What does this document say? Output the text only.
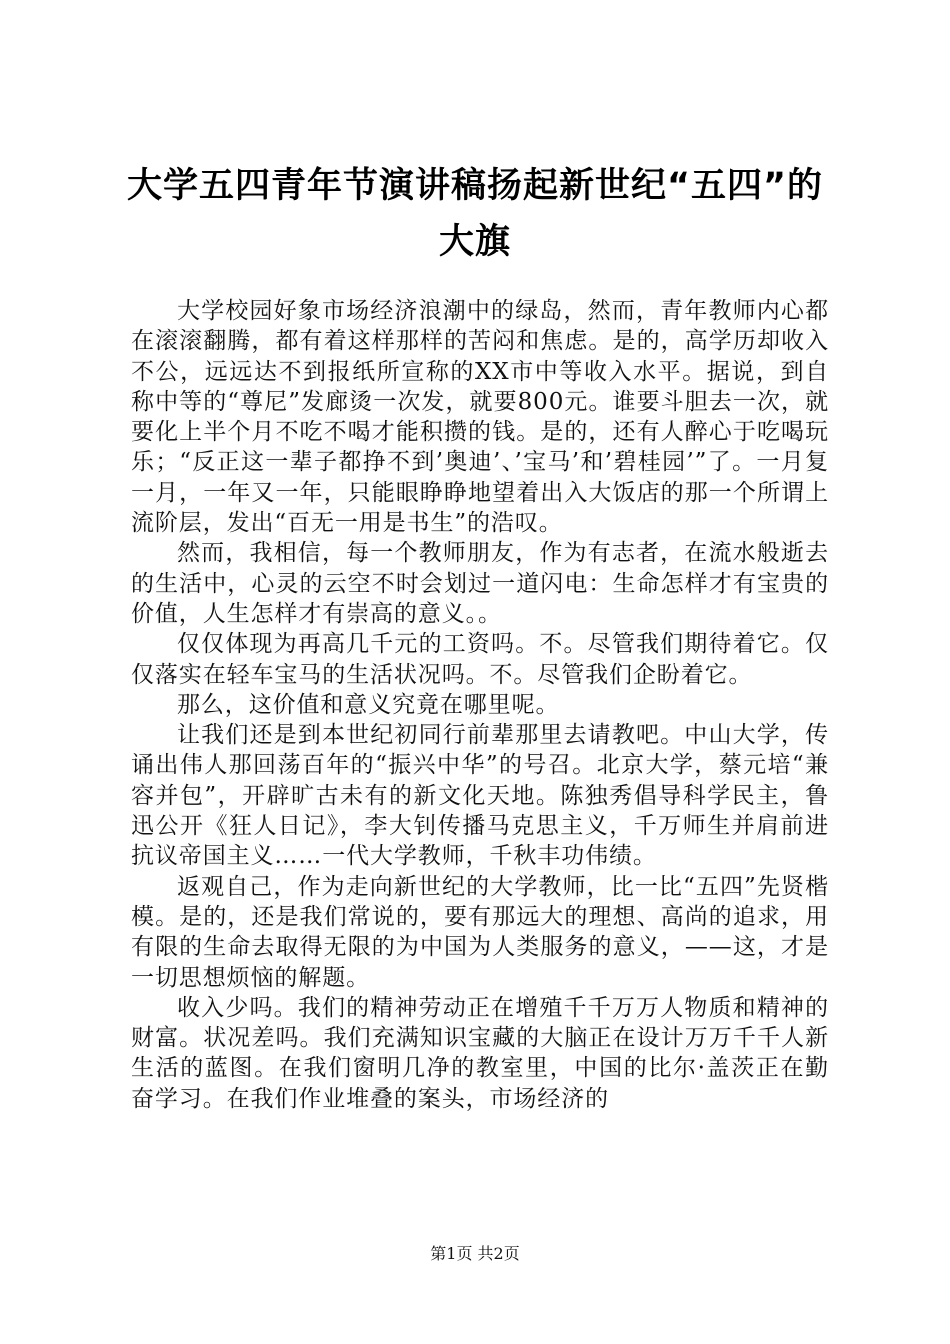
大学五四青年节演讲稿扬起新世纪“五四”的大旗

大学校园好象市场经济浪潮中的绿岛，然而，青年教师内心都在滚滚翻腾，都有着这样那样的苦闷和焦虑。是的，高学历却收入不公，远远达不到报纸所宣称的XX市中等收入水平。据说，到自称中等的“尊尼”发廊烫一次发，就要800元。谁要斗胆去一次，就要化上半个月不吃不喝才能积攒的钱。是的，还有人醉心于吃喝玩乐；“反正这一辈子都挣不到’奥迪’、’宝马’和’碧桂园’”了。一月复一月，一年又一年，只能眼睁睁地望着出入大饭店的那一个所谓上流阶层，发出“百无一用是书生”的浩叹。

然而，我相信，每一个教师朋友，作为有志者，在流水般逝去的生活中，心灵的云空不时会划过一道闪电：生命怎样才有宝贵的价值，人生怎样才有崇高的意义。。

仅仅体现为再高几千元的工资吗。不。尽管我们期待着它。仅仅落实在轻车宝马的生活状况吗。不。尽管我们企盼着它。

那么，这价值和意义究竟在哪里呢。

让我们还是到本世纪初同行前辈那里去请教吧。中山大学，传诵出伟人那回荡百年的“振兴中华”的号召。北京大学，蔡元培“兼容并包”，开辟旷古未有的新文化天地。陈独秀倡导科学民主，鲁迅公开《狂人日记》，李大钊传播马克思主义，千万师生并肩前进抗议帝国主义……一代大学教师，千秋丰功伟绩。

返观自己，作为走向新世纪的大学教师，比一比“五四”先贤楷模。是的，还是我们常说的，要有那远大的理想、高尚的追求，用有限的生命去取得无限的为中国为人类服务的意义，——这，才是一切思想烦恼的解题。

收入少吗。我们的精神劳动正在增殖千千万万人物质和精神的财富。状况差吗。我们充满知识宝藏的大脑正在设计万万千千人新生活的蓝图。在我们窗明几净的教室里，中国的比尔·盖茨正在勤奋学习。在我们作业堆叠的案头，市场经济的

第1页 共2页
